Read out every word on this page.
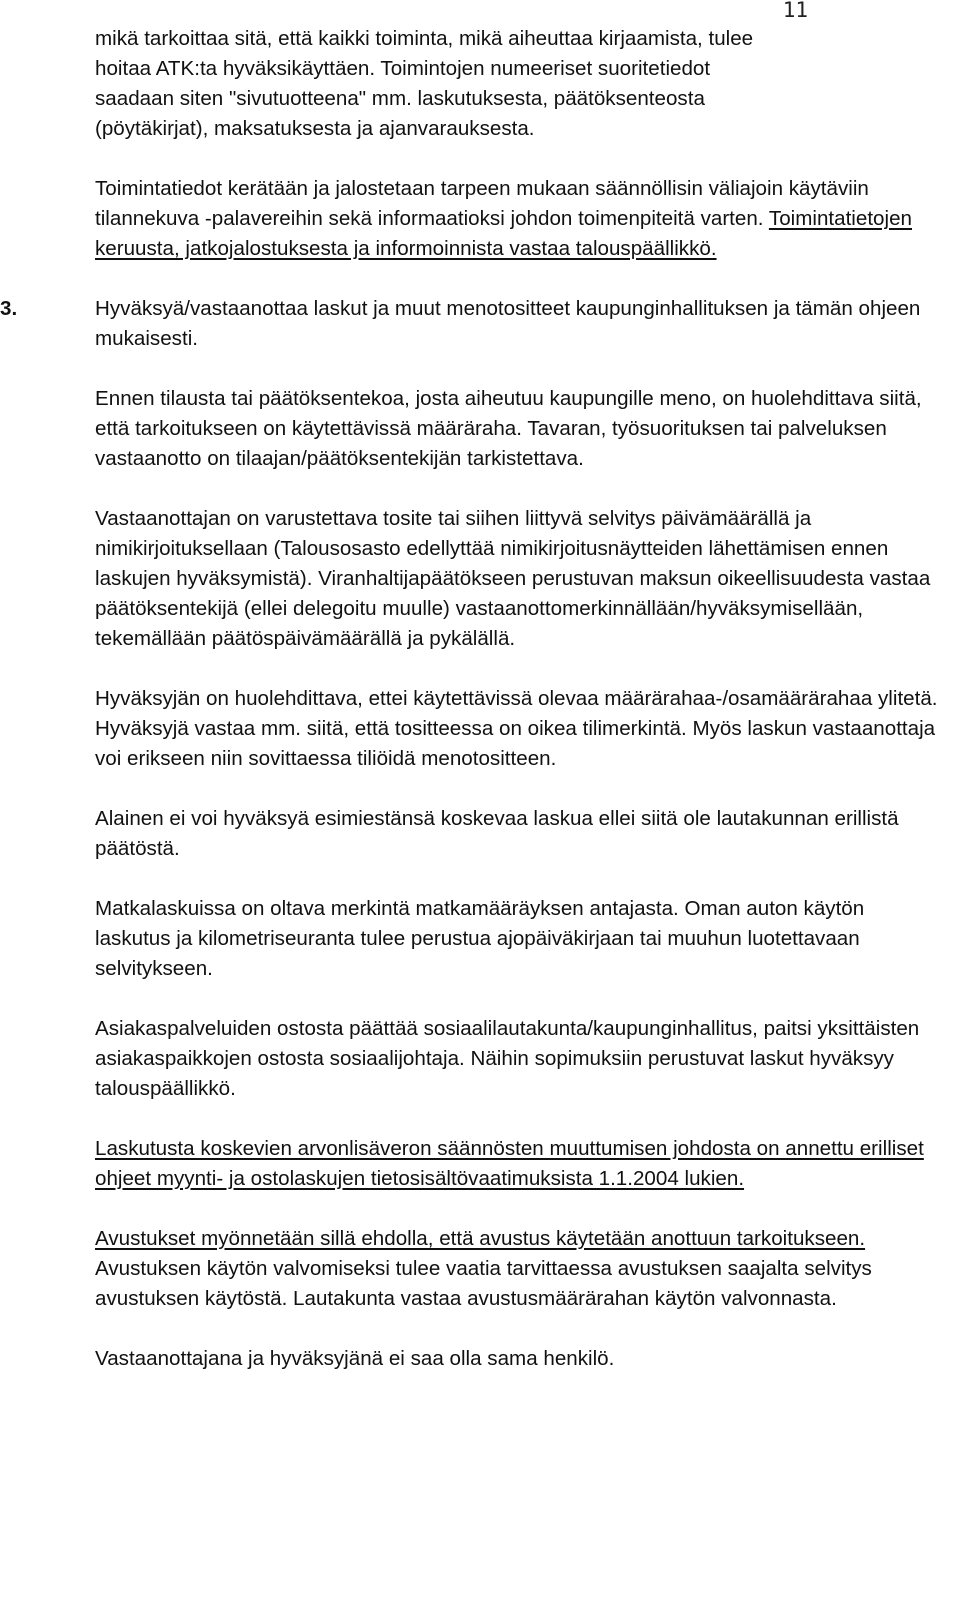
11

mikä tarkoittaa sitä, että kaikki toiminta, mikä aiheuttaa kirjaamista, tulee
hoitaa ATK:ta hyväksikäyttäen. Toimintojen numeeriset suoritetiedot
saadaan siten "sivutuotteena" mm. laskutuksesta, päätöksenteosta
(pöytäkirjat), maksatuksesta ja ajanvarauksesta.

Toimintatiedot kerätään ja jalostetaan tarpeen mukaan säännöllisin väliajoin käytäviin tilannekuva -palavereihin sekä informaatioksi johdon toimenpiteitä varten. Toimintatietojen keruusta, jatkojalostuksesta ja informoinnista vastaa talouspäällikkö.

3.	Hyväksyä/vastaanottaa laskut ja muut menotositteet kaupunginhallituksen ja tämän ohjeen mukaisesti.

Ennen tilausta tai päätöksentekoa, josta aiheutuu kaupungille meno, on huolehdittava siitä, että tarkoitukseen on käytettävissä määräraha. Tavaran, työsuorituksen tai palveluksen vastaanotto on tilaajan/päätöksentekijän tarkistettava.

Vastaanottajan on varustettava tosite tai siihen liittyvä selvitys päivämäärällä ja nimikirjoituksellaan (Talousosasto edellyttää nimikirjoitusnäytteiden lähettämisen ennen laskujen hyväksymistä). Viranhaltijapäätökseen perustuvan maksun oikeellisuudesta vastaa päätöksentekijä (ellei delegoitu muulle) vastaanottomerkinnällään/hyväksymisellään, tekemällään päätöspäivämäärällä ja pykälällä.

Hyväksyjän on huolehdittava, ettei käytettävissä olevaa määrärahaa-/osamäärärahaa ylitetä. Hyväksyjä vastaa mm. siitä, että tositteessa on oikea tilimerkintä. Myös laskun vastaanottaja voi erikseen niin sovittaessa tiliöidä menotositteen.

Alainen ei voi hyväksyä esimiestänsä koskevaa laskua ellei siitä ole lautakunnan erillistä päätöstä.

Matkalaskuissa on oltava merkintä matkamääräyksen antajasta. Oman auton käytön laskutus ja kilometriseuranta tulee perustua ajopäiväkirjaan tai muuhun luotettavaan selvitykseen.

Asiakaspalveluiden ostosta päättää sosiaalilautakunta/kaupunginhallitus, paitsi yksittäisten asiakaspaikkojen ostosta sosiaalijohtaja. Näihin sopimuksiin perustuvat laskut hyväksyy talouspäällikkö.

Laskutusta koskevien arvonlisäveron säännösten muuttumisen johdosta on annettu erilliset ohjeet myynti- ja ostolaskujen tietosisältövaatimuksista 1.1.2004 lukien.

Avustukset myönnetään sillä ehdolla, että avustus käytetään anottuun tarkoitukseen. Avustuksen käytön valvomiseksi tulee vaatia tarvittaessa avustuksen saajalta selvitys avustuksen käytöstä. Lautakunta vastaa avustusmäärärahan käytön valvonnasta.

Vastaanottajana ja hyväksyjänä ei saa olla sama henkilö.
